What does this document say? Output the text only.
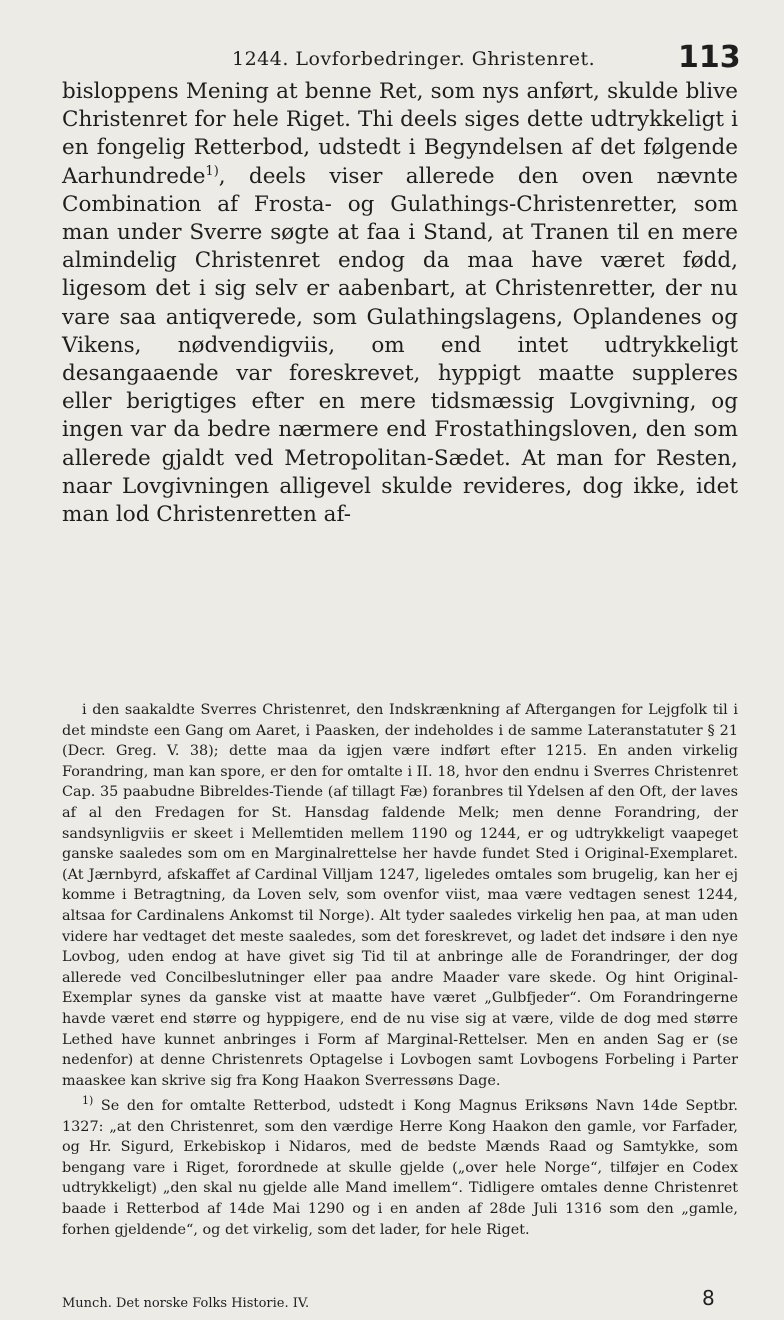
1244. Lovforbedringer. Ghristenret.	113
bisloppens Mening at benne Ret, som nys anført, skulde blive Christenret for hele Riget. Thi deels siges dette udtrykkeligt i en fongelig Retterbod, udstedt i Begyndelsen af det følgende Aarhundrede$^{1)}$, deels viser allerede den oven nævnte Combination af Frosta- og Gulathings-Christenretter, som man under Sverre søgte at faa i Stand, at Tranen til en mere almindelig Christenret endog da maa have været fødd, ligesom det i sig selv er aabenbart, at Christenretter, der nu vare saa antiqverede, som Gulathingslagens, Oplandenes og Vikens, nødvendigviis, om end intet udtrykkeligt desangaaende var foreskrevet, hyppigt maatte suppleres eller berigtiges efter en mere tidsmæssig Lovgivning, og ingen var da bedre nærmere end Frostathingsloven, den som allerede gjaldt ved Metropolitan-Sædet. At man for Resten, naar Lovgivningen alligevel skulde revideres, dog ikke, idet man lod Christenretten af-

i den saakaldte Sverres Christenret, den Indskrænkning af Aftergangen for Lejgfolk til i det mindste een Gang om Aaret, i Paasken, der indeholdes i de samme Lateranstatuter § 21 (Decr. Greg. V. 38); dette maa da igjen være indført efter 1215. En anden virkelig Forandring, man kan spore, er den for omtalte i II. 18, hvor den endnu i Sverres Christenret Cap. 35 paabudne Bibreldes-Tiende (af tillagt Fæ) foranbres til Ydelsen af den Oft, der laves af al den Fredagen for St. Hansdag faldende Melk; men denne Forandring, der sandsynligviis er skeet i Mellemtiden mellem 1190 og 1244, er og udtrykkeligt vaapeget ganske saaledes som om en Marginalrettelse her havde fundet Sted i Original-Exemplaret. (At Jærnbyrd, afskaffet af Cardinal Villjam 1247, ligeledes omtales som brugelig, kan her ej komme i Betragtning, da Loven selv, som ovenfor viist, maa være vedtagen senest 1244, altsaa for Cardinalens Ankomst til Norge). Alt tyder saaledes virkelig hen paa, at man uden videre har vedtaget det meste saaledes, som det foreskrevet, og ladet det indsøre i den nye Lovbog, uden endog at have givet sig Tid til at anbringe alle de Forandringer, der dog allerede ved Concilbeslutninger eller paa andre Maader vare skede. Og hint Original-Exemplar synes da ganske vist at maatte have været „Gulbfjeder“. Om Forandringerne havde været end større og hyppigere, end de nu vise sig at være, vilde de dog med større Lethed have kunnet anbringes i Form af Marginal-Rettelser. Men en anden Sag er (se nedenfor) at denne Christenrets Optagelse i Lovbogen samt Lovbogens Forbeling i Parter maaskee kan skrive sig fra Kong Haakon Sverressøns Dage.

$^{1)}$ Se den for omtalte Retterbod, udstedt i Kong Magnus Eriksøns Navn 14de Septbr. 1327: „at den Christenret, som den værdige Herre Kong Haakon den gamle, vor Farfader, og Hr. Sigurd, Erkebiskop i Nidaros, med de bedste Mænds Raad og Samtykke, som bengang vare i Riget, forordnede at skulle gjelde („over hele Norge“, tilføjer en Codex udtrykkeligt) „den skal nu gjelde alle Mand imellem“. Tidligere omtales denne Christenret baade i Retterbod af 14de Mai 1290 og i en anden af 28de Juli 1316 som den „gamle, forhen gjeldende“, og det virkelig, som det lader, for hele Riget.

Munch. Det norske Folks Historie. IV.	8
